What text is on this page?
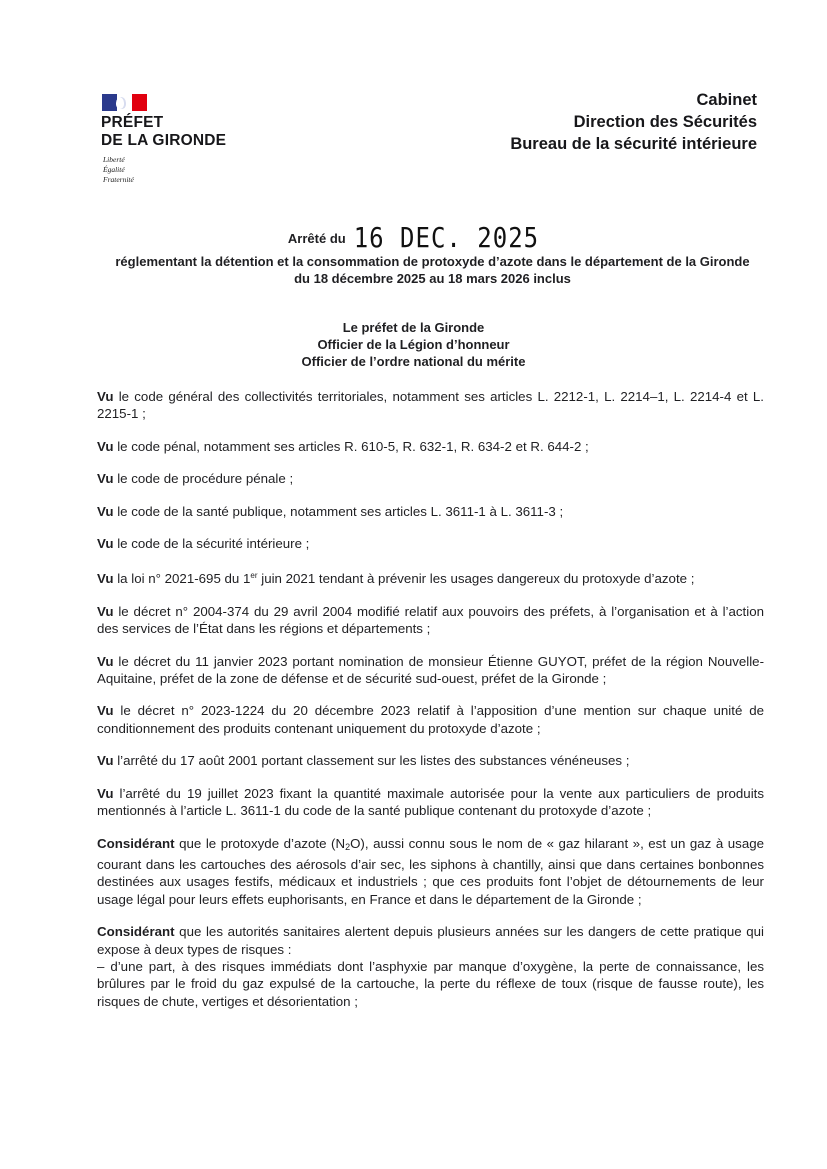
PRÉFET
DE LA GIRONDE
Liberté
Égalité
Fraternité
Cabinet
Direction des Sécurités
Bureau de la sécurité intérieure
Arrêté du 16 DEC. 2025
réglementant la détention et la consommation de protoxyde d’azote dans le département de la Gironde du 18 décembre 2025 au 18 mars 2026 inclus
Le préfet de la Gironde
Officier de la Légion d’honneur
Officier de l’ordre national du mérite

Vu le code général des collectivités territoriales, notamment ses articles L. 2212-1, L. 2214–1, L. 2214-4 et L. 2215-1 ;

Vu le code pénal, notamment ses articles R. 610-5, R. 632-1, R. 634-2 et R. 644-2 ;

Vu le code de procédure pénale ;

Vu le code de la santé publique, notamment ses articles L. 3611-1 à L. 3611-3 ;

Vu le code de la sécurité intérieure ;

Vu la loi n° 2021-695 du 1er juin 2021 tendant à prévenir les usages dangereux du protoxyde d’azote ;

Vu le décret n° 2004-374 du 29 avril 2004 modifié relatif aux pouvoirs des préfets, à l’organisation et à l’action des services de l’État dans les régions et départements ;

Vu le décret du 11 janvier 2023 portant nomination de monsieur Étienne GUYOT, préfet de la région Nouvelle-Aquitaine, préfet de la zone de défense et de sécurité sud-ouest, préfet de la Gironde ;

Vu le décret n° 2023-1224 du 20 décembre 2023 relatif à l’apposition d’une mention sur chaque unité de conditionnement des produits contenant uniquement du protoxyde d’azote ;

Vu l’arrêté du 17 août 2001 portant classement sur les listes des substances vénéneuses ;

Vu l’arrêté du 19 juillet 2023 fixant la quantité maximale autorisée pour la vente aux particuliers de produits mentionnés à l’article L. 3611-1 du code de la santé publique contenant du protoxyde d’azote ;

Considérant que le protoxyde d’azote $(N_2O)$, aussi connu sous le nom de « gaz hilarant », est un gaz à usage courant dans les cartouches des aérosols d’air sec, les siphons à chantilly, ainsi que dans certaines bonbonnes destinées aux usages festifs, médicaux et industriels ; que ces produits font l’objet de détournements de leur usage légal pour leurs effets euphorisants, en France et dans le département de la Gironde ;

Considérant que les autorités sanitaires alertent depuis plusieurs années sur les dangers de cette pratique qui expose à deux types de risques :
– d’une part, à des risques immédiats dont l’asphyxie par manque d’oxygène, la perte de connaissance, les brûlures par le froid du gaz expulsé de la cartouche, la perte du réflexe de toux (risque de fausse route), les risques de chute, vertiges et désorientation ;
